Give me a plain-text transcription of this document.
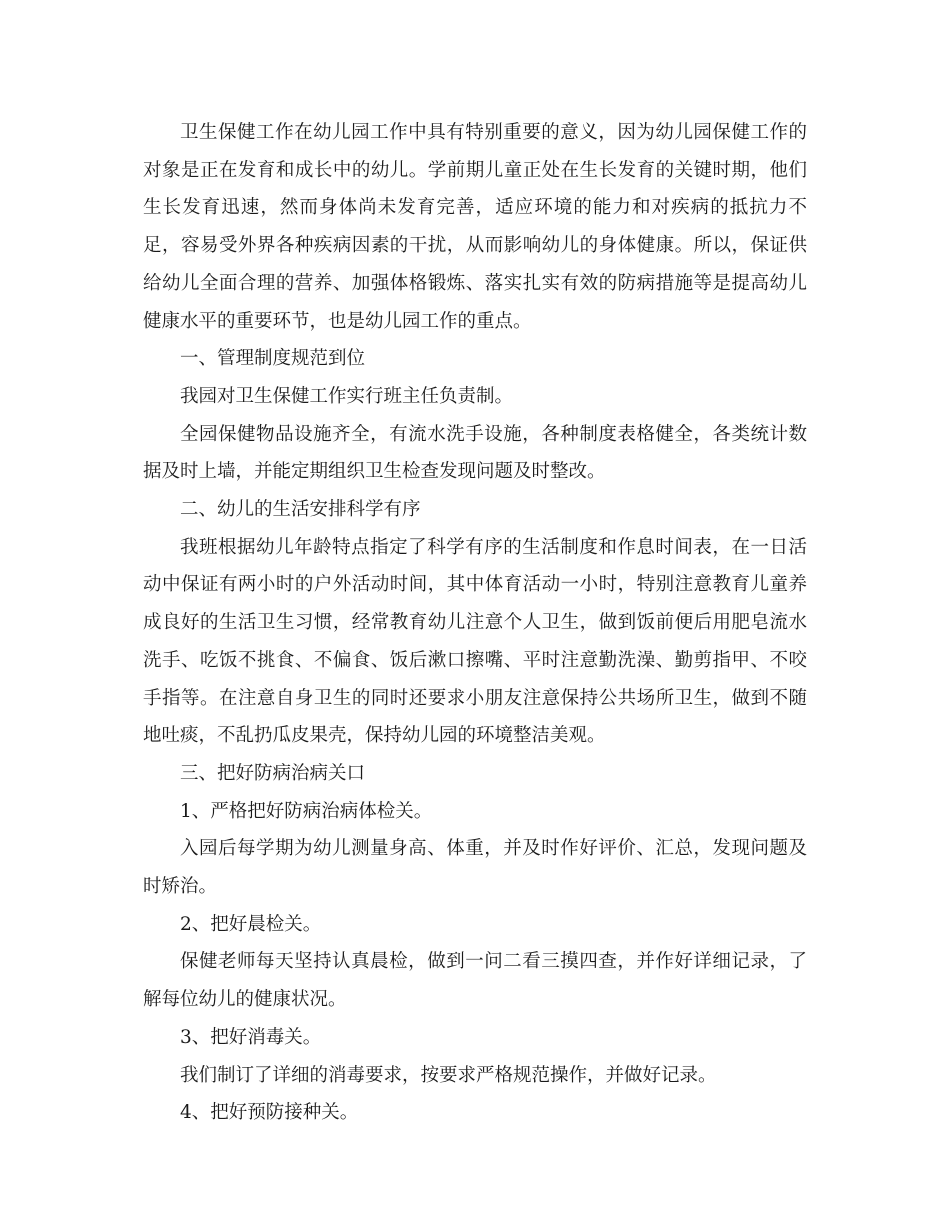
卫生保健工作在幼儿园工作中具有特别重要的意义，因为幼儿园保健工作的对象是正在发育和成长中的幼儿。学前期儿童正处在生长发育的关键时期，他们生长发育迅速，然而身体尚未发育完善，适应环境的能力和对疾病的抵抗力不足，容易受外界各种疾病因素的干扰，从而影响幼儿的身体健康。所以，保证供给幼儿全面合理的营养、加强体格锻炼、落实扎实有效的防病措施等是提高幼儿健康水平的重要环节，也是幼儿园工作的重点。

一、管理制度规范到位

我园对卫生保健工作实行班主任负责制。

全园保健物品设施齐全，有流水洗手设施，各种制度表格健全，各类统计数据及时上墙，并能定期组织卫生检查发现问题及时整改。

二、幼儿的生活安排科学有序

我班根据幼儿年龄特点指定了科学有序的生活制度和作息时间表，在一日活动中保证有两小时的户外活动时间，其中体育活动一小时，特别注意教育儿童养成良好的生活卫生习惯，经常教育幼儿注意个人卫生，做到饭前便后用肥皂流水洗手、吃饭不挑食、不偏食、饭后漱口擦嘴、平时注意勤洗澡、勤剪指甲、不咬手指等。在注意自身卫生的同时还要求小朋友注意保持公共场所卫生，做到不随地吐痰，不乱扔瓜皮果壳，保持幼儿园的环境整洁美观。

三、把好防病治病关口

1、严格把好防病治病体检关。

入园后每学期为幼儿测量身高、体重，并及时作好评价、汇总，发现问题及时矫治。

2、把好晨检关。

保健老师每天坚持认真晨检，做到一问二看三摸四查，并作好详细记录，了解每位幼儿的健康状况。

3、把好消毒关。

我们制订了详细的消毒要求，按要求严格规范操作，并做好记录。

4、把好预防接种关。
